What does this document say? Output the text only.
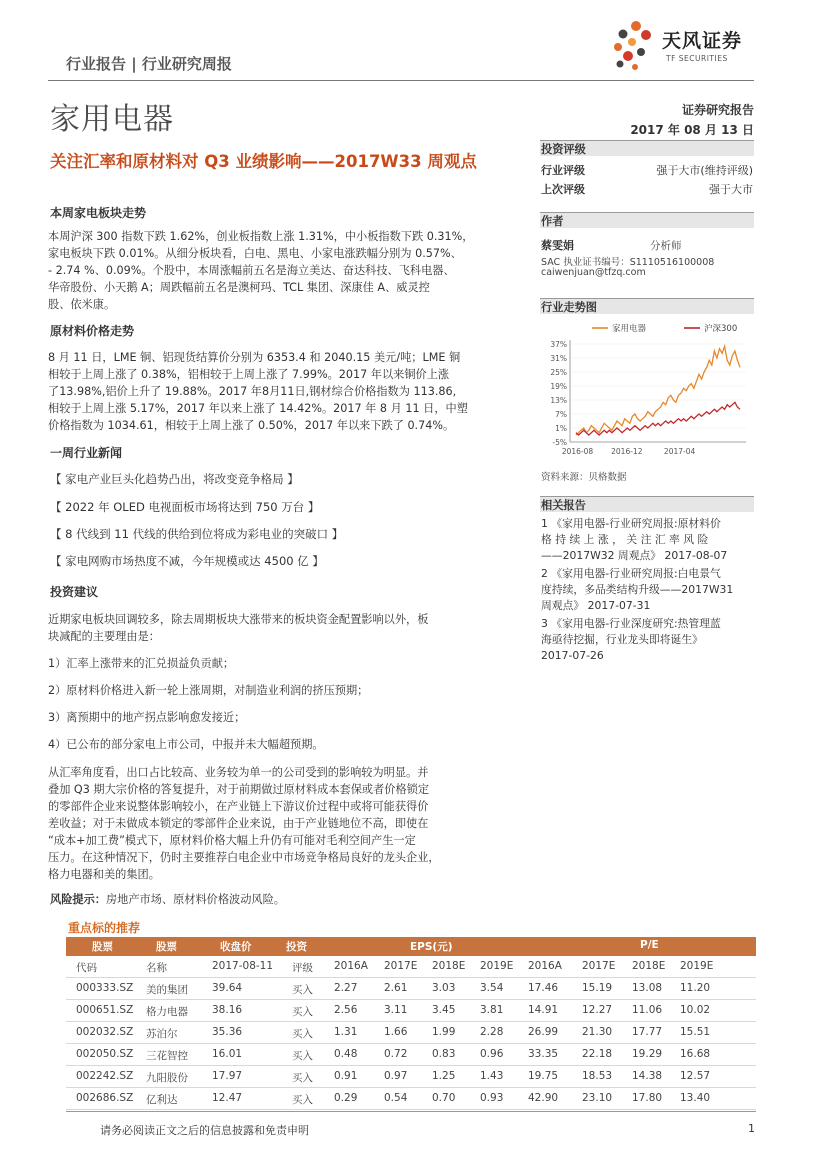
行业报告 | 行业研究周报
天风证券
TF SECURITIES
家用电器	证券研究报告
2017 年 08 月 13 日
关注汇率和原材料对 Q3 业绩影响——2017W33 周观点
投资评级
行业评级	强于大市(维持评级)
上次评级	强于大市
作者
蔡雯娟	分析师
SAC 执业证书编号：S1110516100008
caiwenjuan@tfzq.com
行业走势图
37%
31%
25%
19%
13%
7%
1%
-5%
2016-08 2016-12	2017-04
家用电器	沪深300
资料来源：贝格数据
相关报告
1 《家用电器-行业研究周报:原材料价
格 持 续 上 涨 ， 关 注 汇 率 风 险
——2017W32 周观点》 2017-08-07
2 《家用电器-行业研究周报:白电景气
度持续，多品类结构升级——2017W31
周观点》 2017-07-31
3 《家用电器-行业深度研究:热管理蓝
海亟待挖掘，行业龙头即将诞生》
2017-07-26
本周家电板块走势
本周沪深 300 指数下跌 1.62%，创业板指数上涨 1.31%，中小板指数下跌 0.31%，
家电板块下跌 0.01%。从细分板块看，白电、黑电、小家电涨跌幅分别为 0.57%、
- 2.74 %、0.09%。个股中，本周涨幅前五名是海立美达、奋达科技、飞科电器、
华帝股份、小天鹅 A；周跌幅前五名是澳柯玛、TCL 集团、深康佳 A、威灵控
股、依米康。
原材料价格走势
8 月 11 日，LME 铜、铝现货结算价分别为 6353.4 和 2040.15 美元/吨；LME 铜
相较于上周上涨了 0.38%，铝相较于上周上涨了 7.99%。2017 年以来铜价上涨
了13.98%,铝价上升了 19.88%。2017 年8月11日,钢材综合价格指数为 113.86,
相较于上周上涨 5.17%，2017 年以来上涨了 14.42%。2017 年 8 月 11 日，中塑
价格指数为 1034.61，相较于上周上涨了 0.50%，2017 年以来下跌了 0.74%。
一周行业新闻
【 家电产业巨头化趋势凸出，将改变竞争格局 】
【 2022 年 OLED 电视面板市场将达到 750 万台 】
【 8 代线到 11 代线的供给到位将成为彩电业的突破口 】
【 家电网购市场热度不减，今年规模或达 4500 亿 】
投资建议
近期家电板块回调较多，除去周期板块大涨带来的板块资金配置影响以外，板
块减配的主要理由是：
1）汇率上涨带来的汇兑损益负贡献；
2）原材料价格进入新一轮上涨周期，对制造业利润的挤压预期；
3）离预期中的地产拐点影响愈发接近；
4）已公布的部分家电上市公司，中报并未大幅超预期。
从汇率角度看，出口占比较高、业务较为单一的公司受到的影响较为明显。并
叠加 Q3 期大宗价格的答复提升，对于前期做过原材料成本套保或者价格锁定
的零部件企业来说整体影响较小，在产业链上下游议价过程中或将可能获得价
差收益；对于未做成本锁定的零部件企业来说，由于产业链地位不高，即使在
“成本+加工费”模式下，原材料价格大幅上升仍有可能对毛利空间产生一定
压力。在这种情况下，仍时主要推荐白电企业中市场竞争格局良好的龙头企业，
格力电器和美的集团。
风险提示：房地产市场、原材料价格波动风险。
重点标的推荐
股票	股票	收盘价	投资	EPS(元)	P/E
代码	名称	2017-08-11 评级 2016A 2017E 2018E 2019E 2016A 2017E 2018E 2019E
000333.SZ 美的集团 39.64	买入 2.27	2.61 3.03 3.54 17.46 15.19 13.08 11.20
000651.SZ 格力电器 38.16	买入 2.56	3.11 3.45 3.81 14.91 12.27 11.06 10.02
002032.SZ 苏泊尔	35.36	买入 1.31	1.66 1.99 2.28 26.99 21.30 17.77 15.51
002050.SZ 三花智控 16.01	买入 0.48	0.72 0.83 0.96 33.35 22.18 19.29 16.68
002242.SZ 九阳股份 17.97	买入 0.91	0.97 1.25 1.43 19.75 18.53 14.38 12.57
002686.SZ 亿利达	12.47	买入 0.29	0.54 0.70 0.93 42.90 23.10 17.80 13.40
请务必阅读正文之后的信息披露和免责申明	1
